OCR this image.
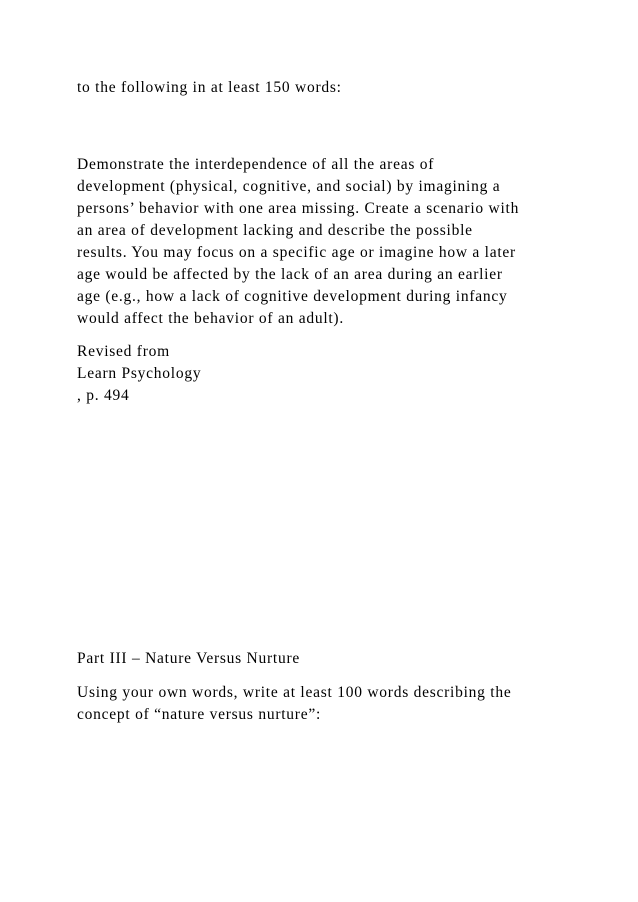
to the following in at least 150 words:
Demonstrate the interdependence of all the areas of
development (physical, cognitive, and social) by imagining a
persons’ behavior with one area missing. Create a scenario with
an area of development lacking and describe the possible
results. You may focus on a specific age or imagine how a later
age would be affected by the lack of an area during an earlier
age (e.g., how a lack of cognitive development during infancy
would affect the behavior of an adult).
Revised from
Learn Psychology
, p. 494
Part III – Nature Versus Nurture
Using your own words, write at least 100 words describing the
concept of “nature versus nurture”:
